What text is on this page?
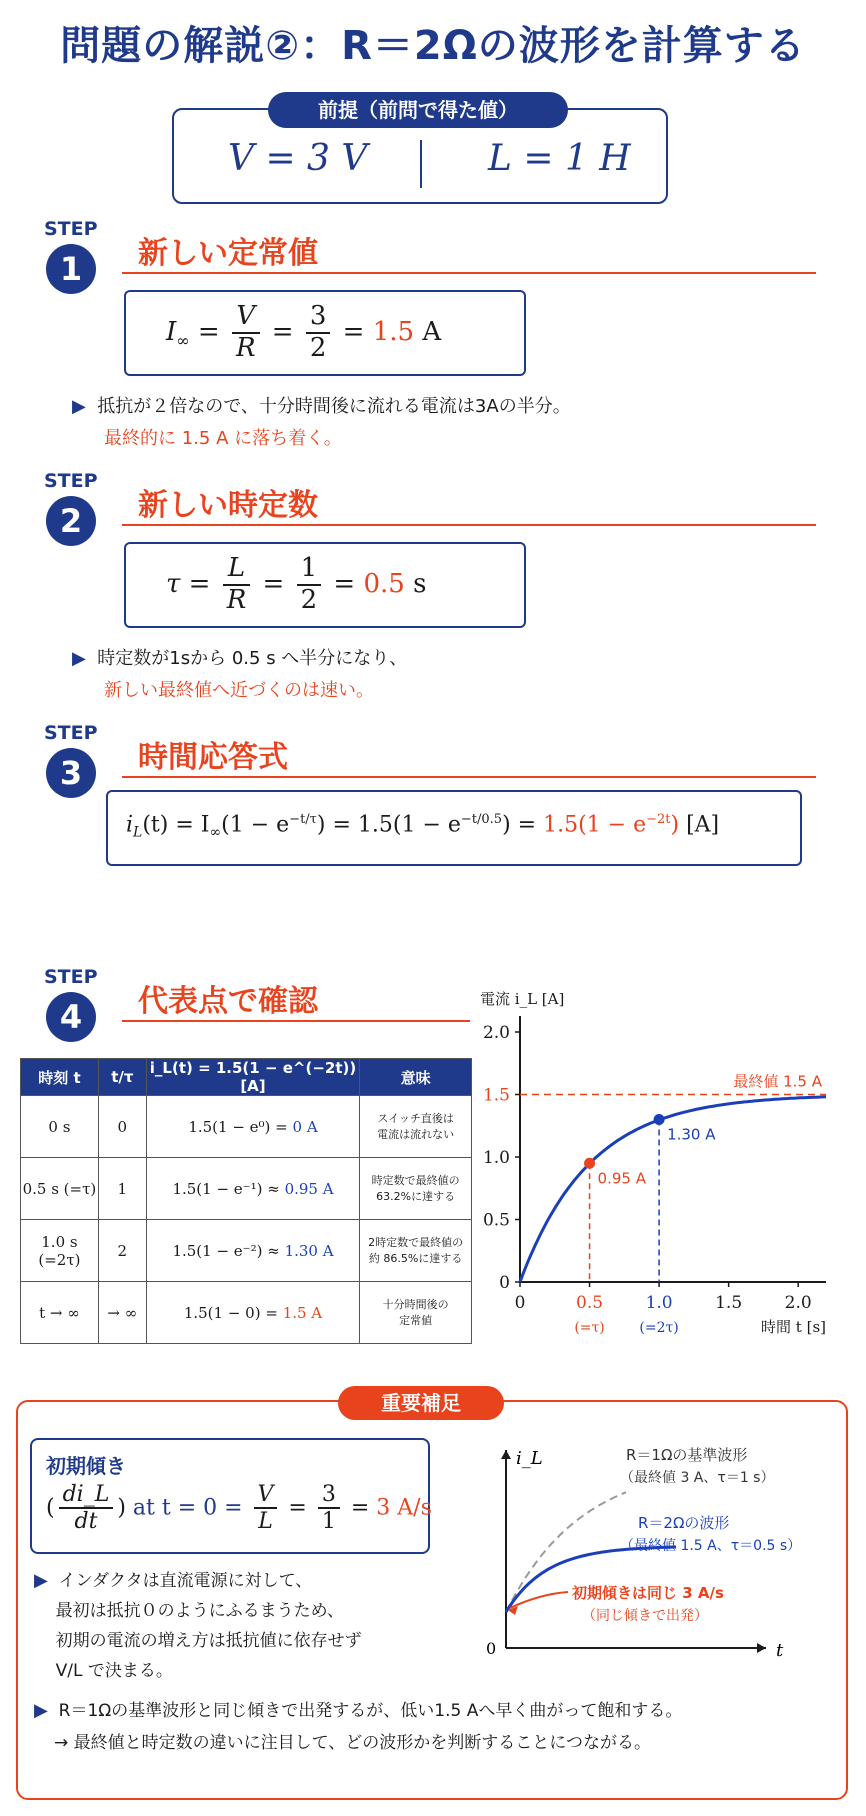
問題の解説②：R＝2Ωの波形を計算する
前提（前問で得た値）
V = 3 V	L = 1 H
STEP
1	新しい定常値
$I_\infty = \frac{V}{R} = \frac{3}{2} = 1.5$ A
▶ 抵抗が２倍なので、十分時間後に流れる電流は3Aの半分。
最終的に 1.5 A に落ち着く。
STEP
2	新しい時定数
$\tau = \frac{L}{R} = \frac{1}{2} = 0.5$ s
▶ 時定数が1sから 0.5 s へ半分になり、
新しい最終値へ近づくのは速い。
STEP
3	時間応答式
$i_L(t) = I_\infty(1 - e^{-t/\tau}) = 1.5(1 - e^{-t/0.5}) = 1.5(1 - e^{-2t})$ [A]
STEP
4	代表点で確認
時刻 t	t/τ	i_L(t) = 1.5(1 − e^(−2t)) [A]	意味
0 s	0	1.5(1 − e⁰) = 0 A	スイッチ直後は
電流は流れない
0.5 s (=τ)	1	1.5(1 − e⁻¹) ≈ 0.95 A	時定数で最終値の
63.2%に達する
1.0 s (=2τ)	2	1.5(1 − e⁻²) ≈ 1.30 A	2時定数で最終値の
約 86.5%に達する
t → ∞	→ ∞	1.5(1 − 0) = 1.5 A	十分時間後の
定常値
電流 i_L [A]
0
0.5
1.0
1.5
2.0
0	0.5
(=τ)
1.0
(=2τ)
1.5 2.0
時間 t [s]
最終値 1.5 A
0.95 A
1.30 A
重要補足
初期傾き
( $\frac{di\_L}{dt}$ ) at $t = 0 = \frac{V}{L} = \frac{3}{1} = 3$ A/s
▶ インダクタは直流電源に対して、
最初は抵抗０のようにふるまうため、
初期の電流の増え方は抵抗値に依存せず
V/L で決まる。
i_L
t
0
R＝1Ωの基準波形
（最終値 3 A、τ＝1 s）
R＝2Ωの波形
（最終値 1.5 A、τ＝0.5 s）
初期傾きは同じ 3 A/s
（同じ傾きで出発）
▶ R＝1Ωの基準波形と同じ傾きで出発するが、低い1.5 Aへ早く曲がって飽和する。
→ 最終値と時定数の違いに注目して、どの波形かを判断することにつながる。
